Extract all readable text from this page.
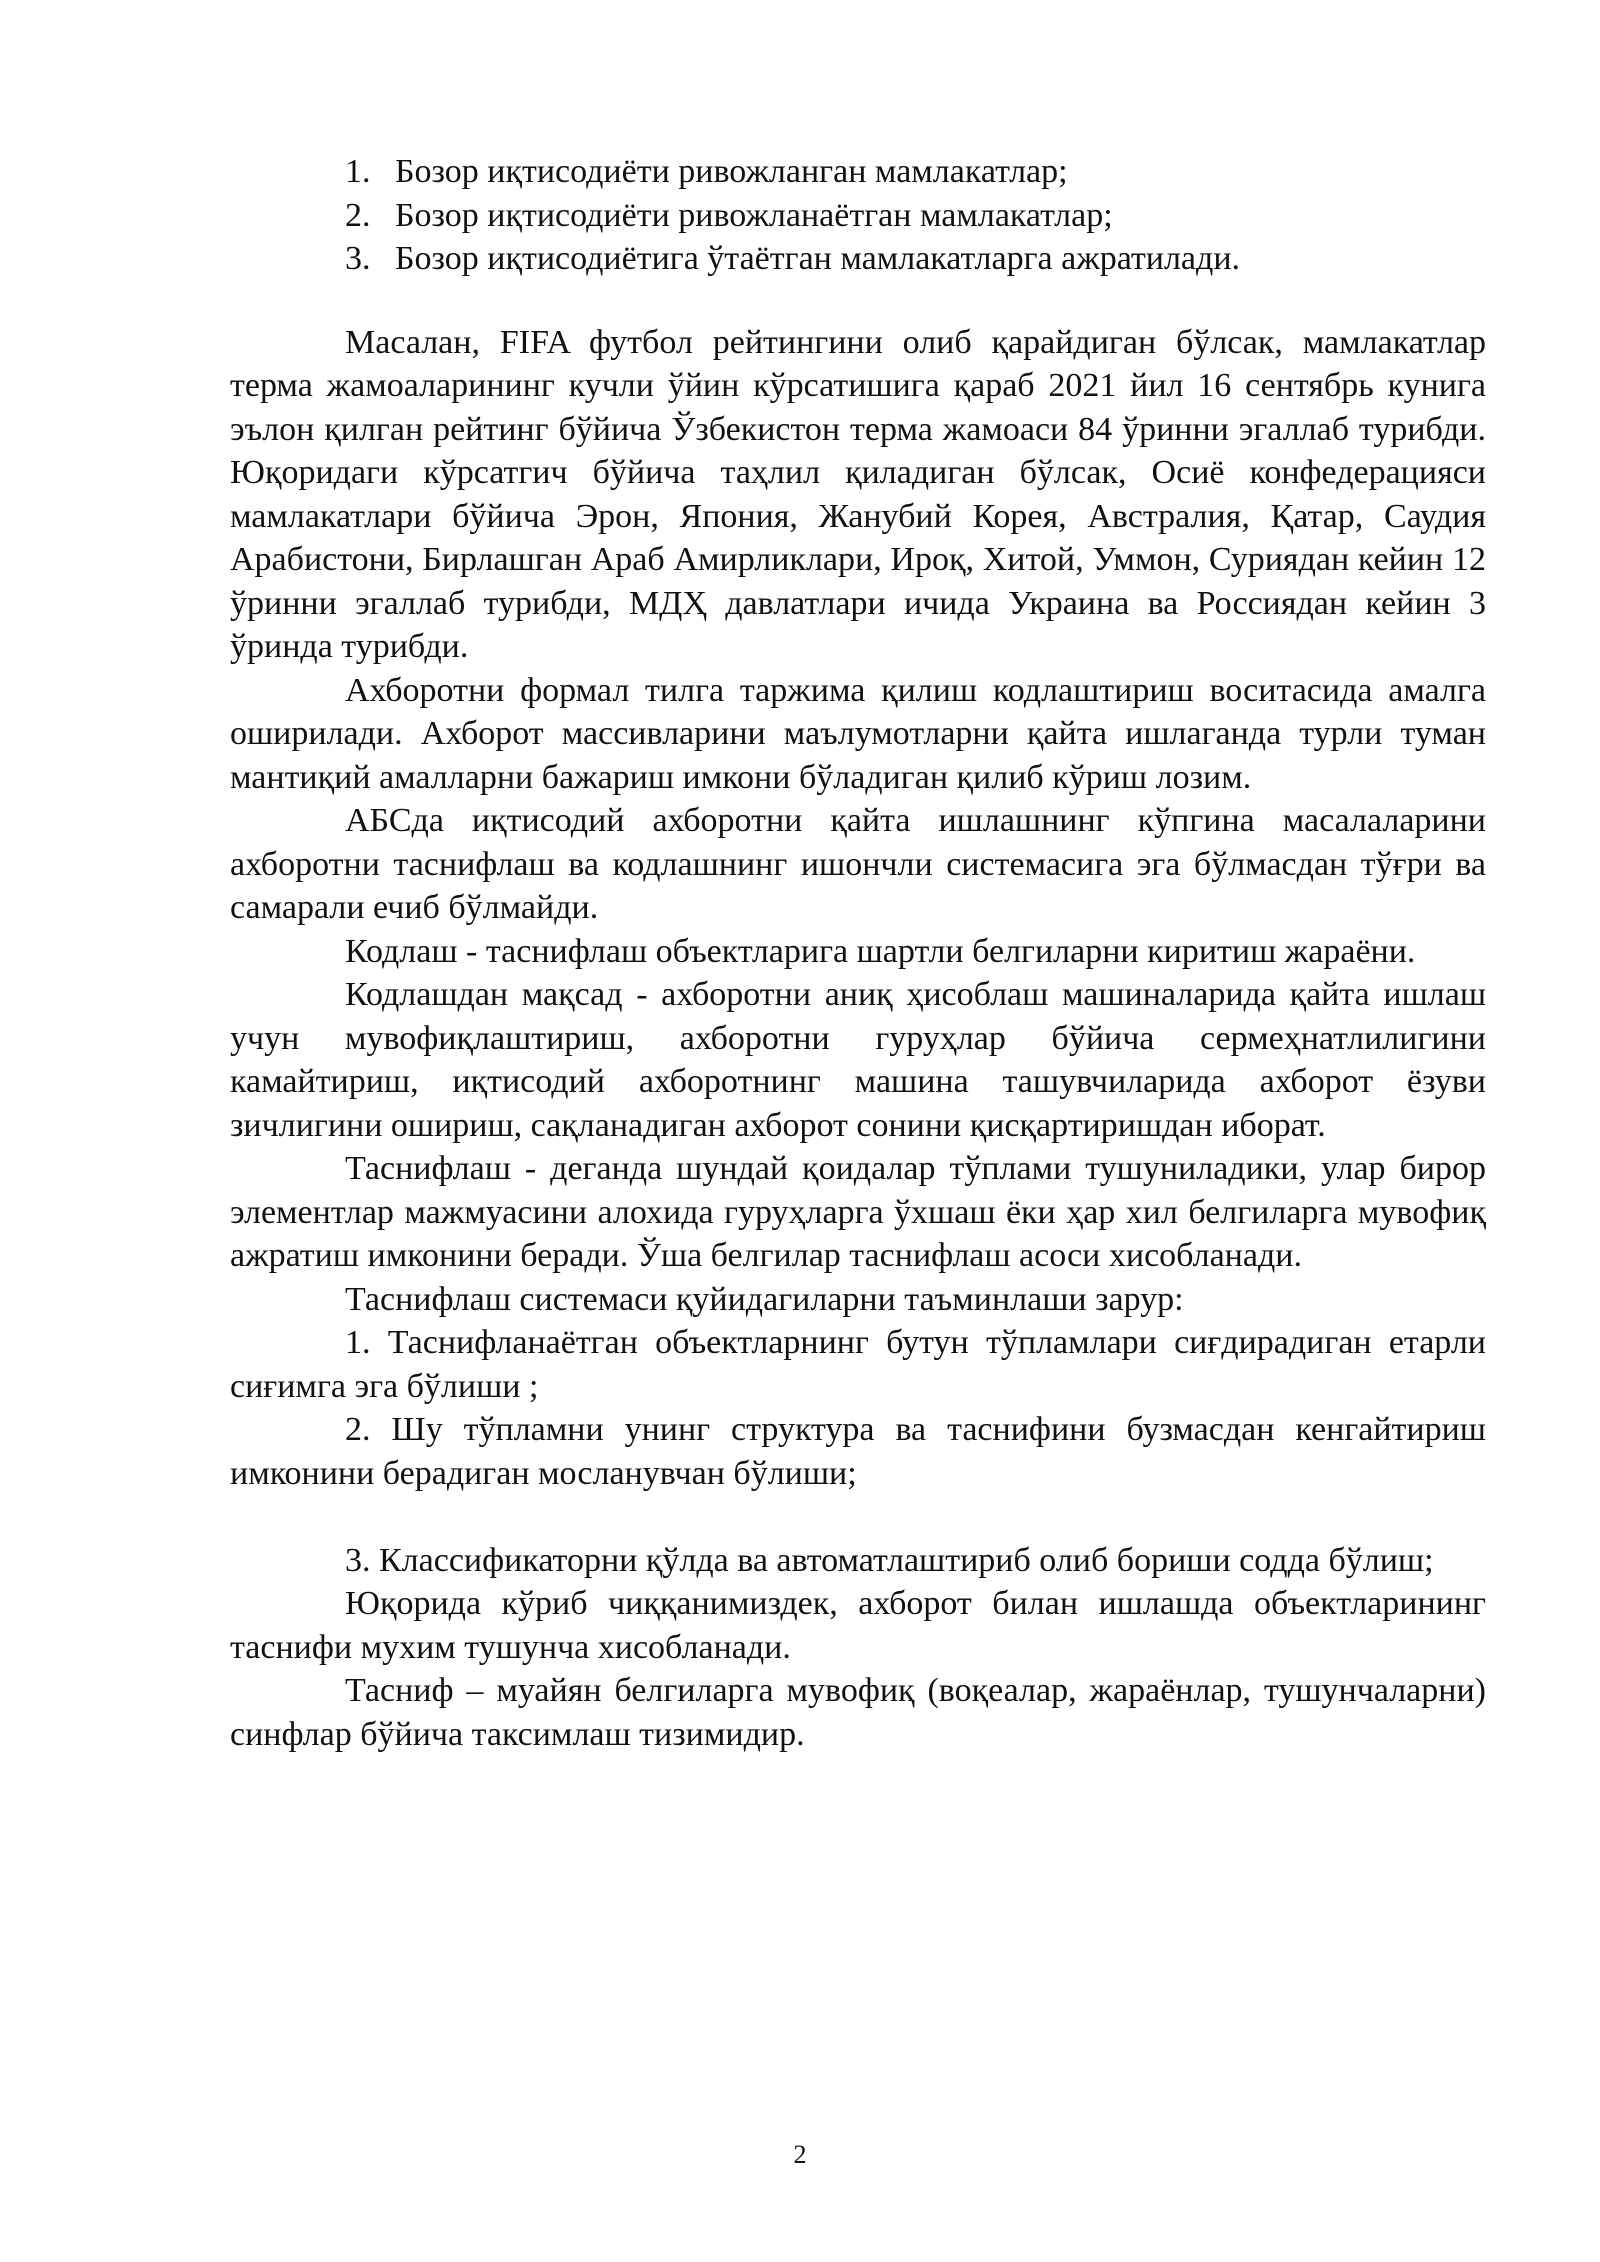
1. Бозор иқтисодиёти ривожланган мамлакатлар;
2. Бозор иқтисодиёти ривожланаётган мамлакатлар;
3. Бозор иқтисодиётига ўтаётган мамлакатларга ажратилади.

Масалан, FIFA футбол рейтингини олиб қарайдиган бўлсак, мамлакатлар терма жамоаларининг кучли ўйин кўрсатишига қараб 2021 йил 16 сентябрь кунига эълон қилган рейтинг бўйича Ўзбекистон терма жамоаси 84 ўринни эгаллаб турибди. Юқоридаги кўрсатгич бўйича таҳлил қиладиган бўлсак, Осиё конфедерацияси мамлакатлари бўйича Эрон, Япония, Жанубий Корея, Австралия, Қатар, Саудия Арабистони, Бирлашган Араб Амирликлари, Ироқ, Хитой, Уммон, Суриядан кейин 12 ўринни эгаллаб турибди, МДҲ давлатлари ичида Украина ва Россиядан кейин 3 ўринда турибди.

Ахборотни формал тилга таржима қилиш кодлаштириш воситасида амалга оширилади. Ахборот массивларини маълумотларни қайта ишлаганда турли туман мантиқий амалларни бажариш имкони бўладиган қилиб кўриш лозим.

АБСда иқтисодий ахборотни қайта ишлашнинг кўпгина масалаларини ахборотни таснифлаш ва кодлашнинг ишончли системасига эга бўлмасдан тўғри ва самарали ечиб бўлмайди.

Кодлаш - таснифлаш объектларига шартли белгиларни киритиш жараёни.

Кодлашдан мақсад - ахборотни аниқ ҳисоблаш машиналарида қайта ишлаш учун мувофиқлаштириш, ахборотни гуруҳлар бўйича сермеҳнатлилигини камайтириш, иқтисодий ахборотнинг машина ташувчиларида ахборот ёзуви зичлигини ошириш, сақланадиган ахборот сонини қисқартиришдан иборат.

Таснифлаш - деганда шундай қоидалар тўплами тушуниладики, улар бирор элементлар мажмуасини алохида гуруҳларга ўхшаш ёки ҳар хил белгиларга мувофиқ ажратиш имконини беради. Ўша белгилар таснифлаш асоси хисобланади.

Таснифлаш системаси қуйидагиларни таъминлаши зарур:

1. Таснифланаётган объектларнинг бутун тўпламлари сиғдирадиган етарли сиғимга эга бўлиши ;

2. Шу тўпламни унинг структура ва таснифини бузмасдан кенгайтириш имконини берадиган мосланувчан бўлиши;

3. Классификаторни қўлда ва автоматлаштириб олиб бориши содда бўлиш;

Юқорида кўриб чиққанимиздек, ахборот билан ишлашда объектларининг таснифи мухим тушунча хисобланади.

Тасниф – муайян белгиларга мувофиқ (воқеалар, жараёнлар, тушунчаларни) синфлар бўйича таксимлаш тизимидир.

2
